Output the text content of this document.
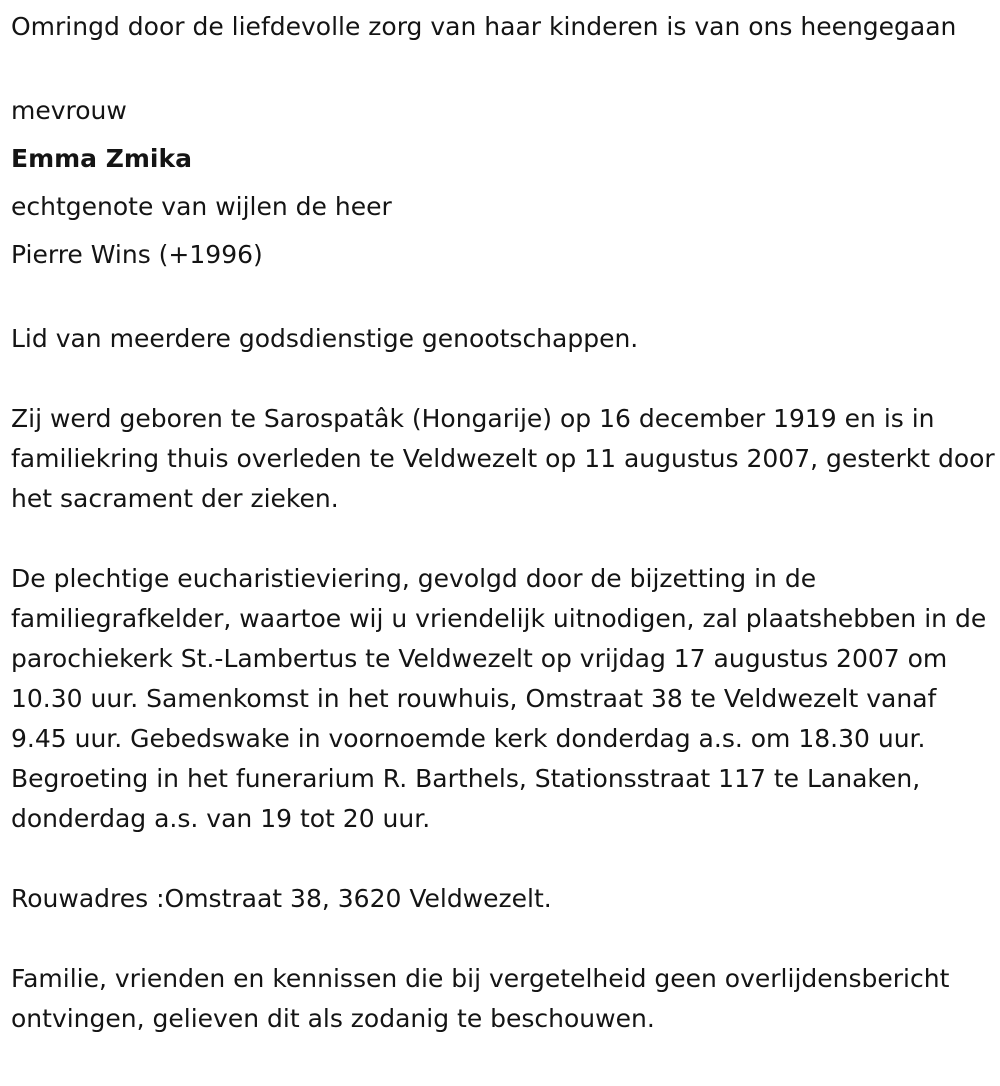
Omringd door de liefdevolle zorg van haar kinderen is van ons heengegaan

mevrouw
Emma Zmika
echtgenote van wijlen de heer
Pierre Wins (+1996)

Lid van meerdere godsdienstige genootschappen.

Zij werd geboren te Sarospatâk (Hongarije) op 16 december 1919 en is in familiekring thuis overleden te Veldwezelt op 11 augustus 2007, gesterkt door het sacrament der zieken.

De plechtige eucharistieviering, gevolgd door de bijzetting in de familiegrafkelder, waartoe wij u vriendelijk uitnodigen, zal plaatshebben in de parochiekerk St.-Lambertus te Veldwezelt op vrijdag 17 augustus 2007 om 10.30 uur. Samenkomst in het rouwhuis, Omstraat 38 te Veldwezelt vanaf 9.45 uur. Gebedswake in voornoemde kerk donderdag a.s. om 18.30 uur. Begroeting in het funerarium R. Barthels, Stationsstraat 117 te Lanaken, donderdag a.s. van 19 tot 20 uur.

Rouwadres :Omstraat 38, 3620 Veldwezelt.

Familie, vrienden en kennissen die bij vergetelheid geen overlijdensbericht ontvingen, gelieven dit als zodanig te beschouwen.
